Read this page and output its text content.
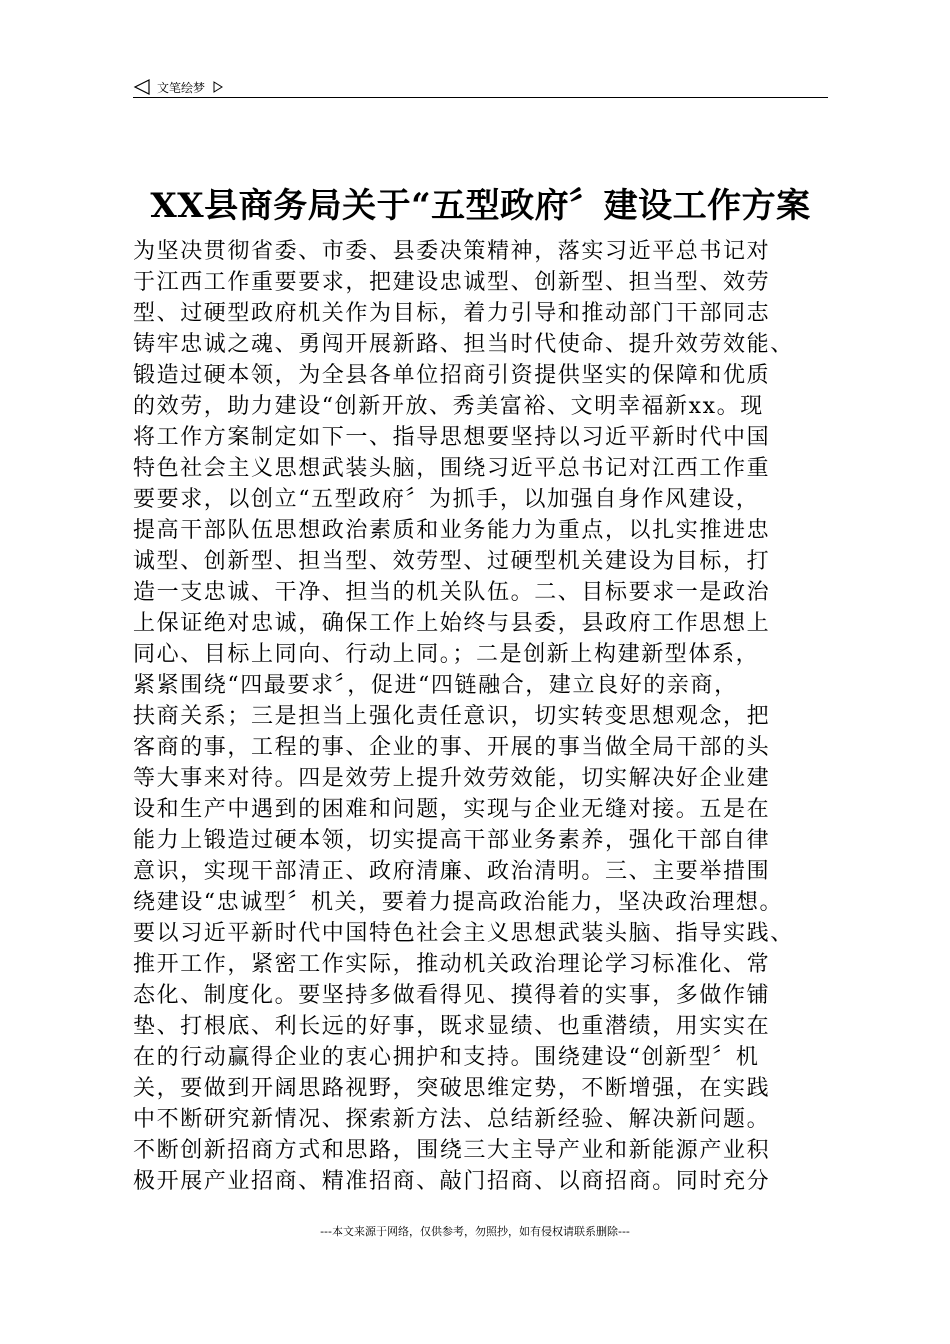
文笔绘梦
XX县商务局关于“五型政府〞建设工作方案
为坚决贯彻省委、市委、县委决策精神，落实习近平总书记对
于江西工作重要要求，把建设忠诚型、创新型、担当型、效劳
型、过硬型政府机关作为目标，着力引导和推动部门干部同志
铸牢忠诚之魂、勇闯开展新路、担当时代使命、提升效劳效能、
锻造过硬本领，为全县各单位招商引资提供坚实的保障和优质
的效劳，助力建设“创新开放、秀美富裕、文明幸福新xx。现
将工作方案制定如下一、指导思想要坚持以习近平新时代中国
特色社会主义思想武装头脑，围绕习近平总书记对江西工作重
要要求，以创立“五型政府〞为抓手，以加强自身作风建设，
提高干部队伍思想政治素质和业务能力为重点，以扎实推进忠
诚型、创新型、担当型、效劳型、过硬型机关建设为目标，打
造一支忠诚、干净、担当的机关队伍。二、目标要求一是政治
上保证绝对忠诚，确保工作上始终与县委，县政府工作思想上
同心、目标上同向、行动上同。；二是创新上构建新型体系，
紧紧围绕“四最要求〞，促进“四链融合，建立良好的亲商，
扶商关系；三是担当上强化责任意识，切实转变思想观念，把
客商的事，工程的事、企业的事、开展的事当做全局干部的头
等大事来对待。四是效劳上提升效劳效能，切实解决好企业建
设和生产中遇到的困难和问题，实现与企业无缝对接。五是在
能力上锻造过硬本领，切实提高干部业务素养，强化干部自律
意识，实现干部清正、政府清廉、政治清明。三、主要举措围
绕建设“忠诚型〞机关，要着力提高政治能力，坚决政治理想。
要以习近平新时代中国特色社会主义思想武装头脑、指导实践、
推开工作，紧密工作实际，推动机关政治理论学习标准化、常
态化、制度化。要坚持多做看得见、摸得着的实事，多做作铺
垫、打根底、利长远的好事，既求显绩、也重潜绩，用实实在
在的行动赢得企业的衷心拥护和支持。围绕建设“创新型〞机
关，要做到开阔思路视野，突破思维定势，不断增强，在实践
中不断研究新情况、探索新方法、总结新经验、解决新问题。
不断创新招商方式和思路，围绕三大主导产业和新能源产业积
极开展产业招商、精准招商、敲门招商、以商招商。同时充分
---本文来源于网络，仅供参考，勿照抄，如有侵权请联系删除---
